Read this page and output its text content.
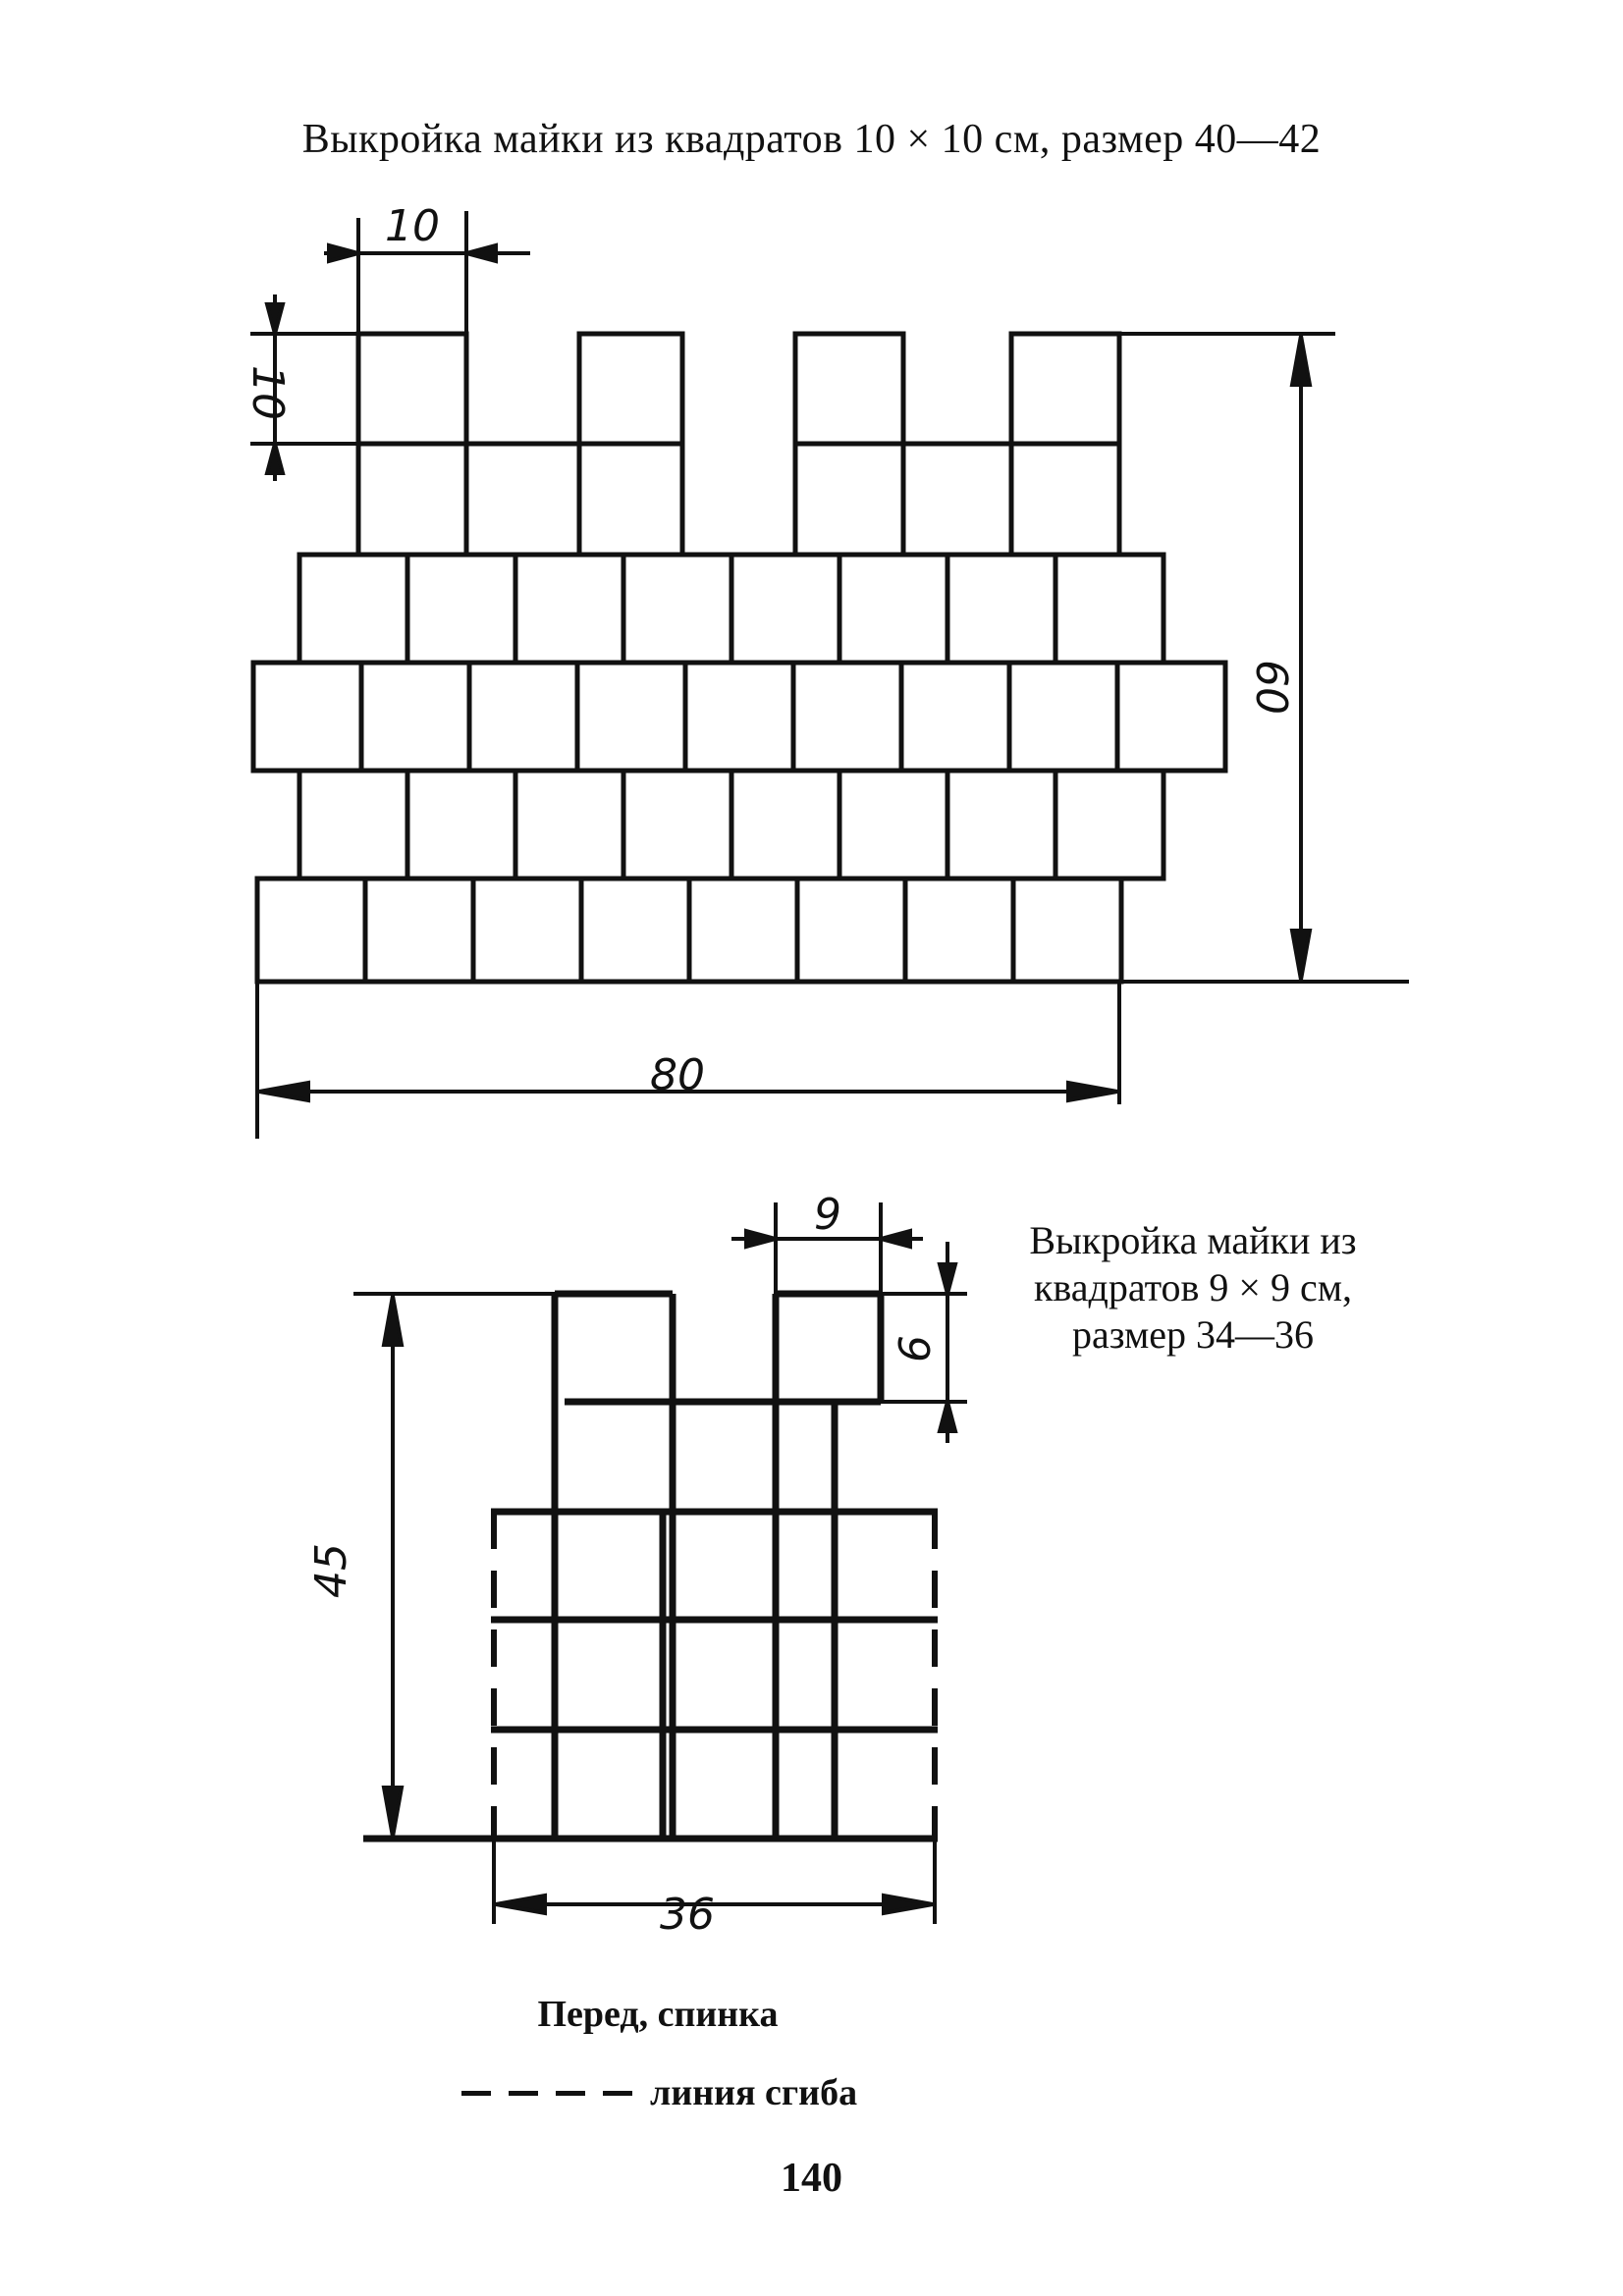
Выкройка майки из квадратов 10 × 10 см, размер 40—42
10
10
60
80
9
9
45
36
Выкройка майки из
квадратов 9 × 9 см,
размер 34—36
Перед, спинка
линия сгиба
140
